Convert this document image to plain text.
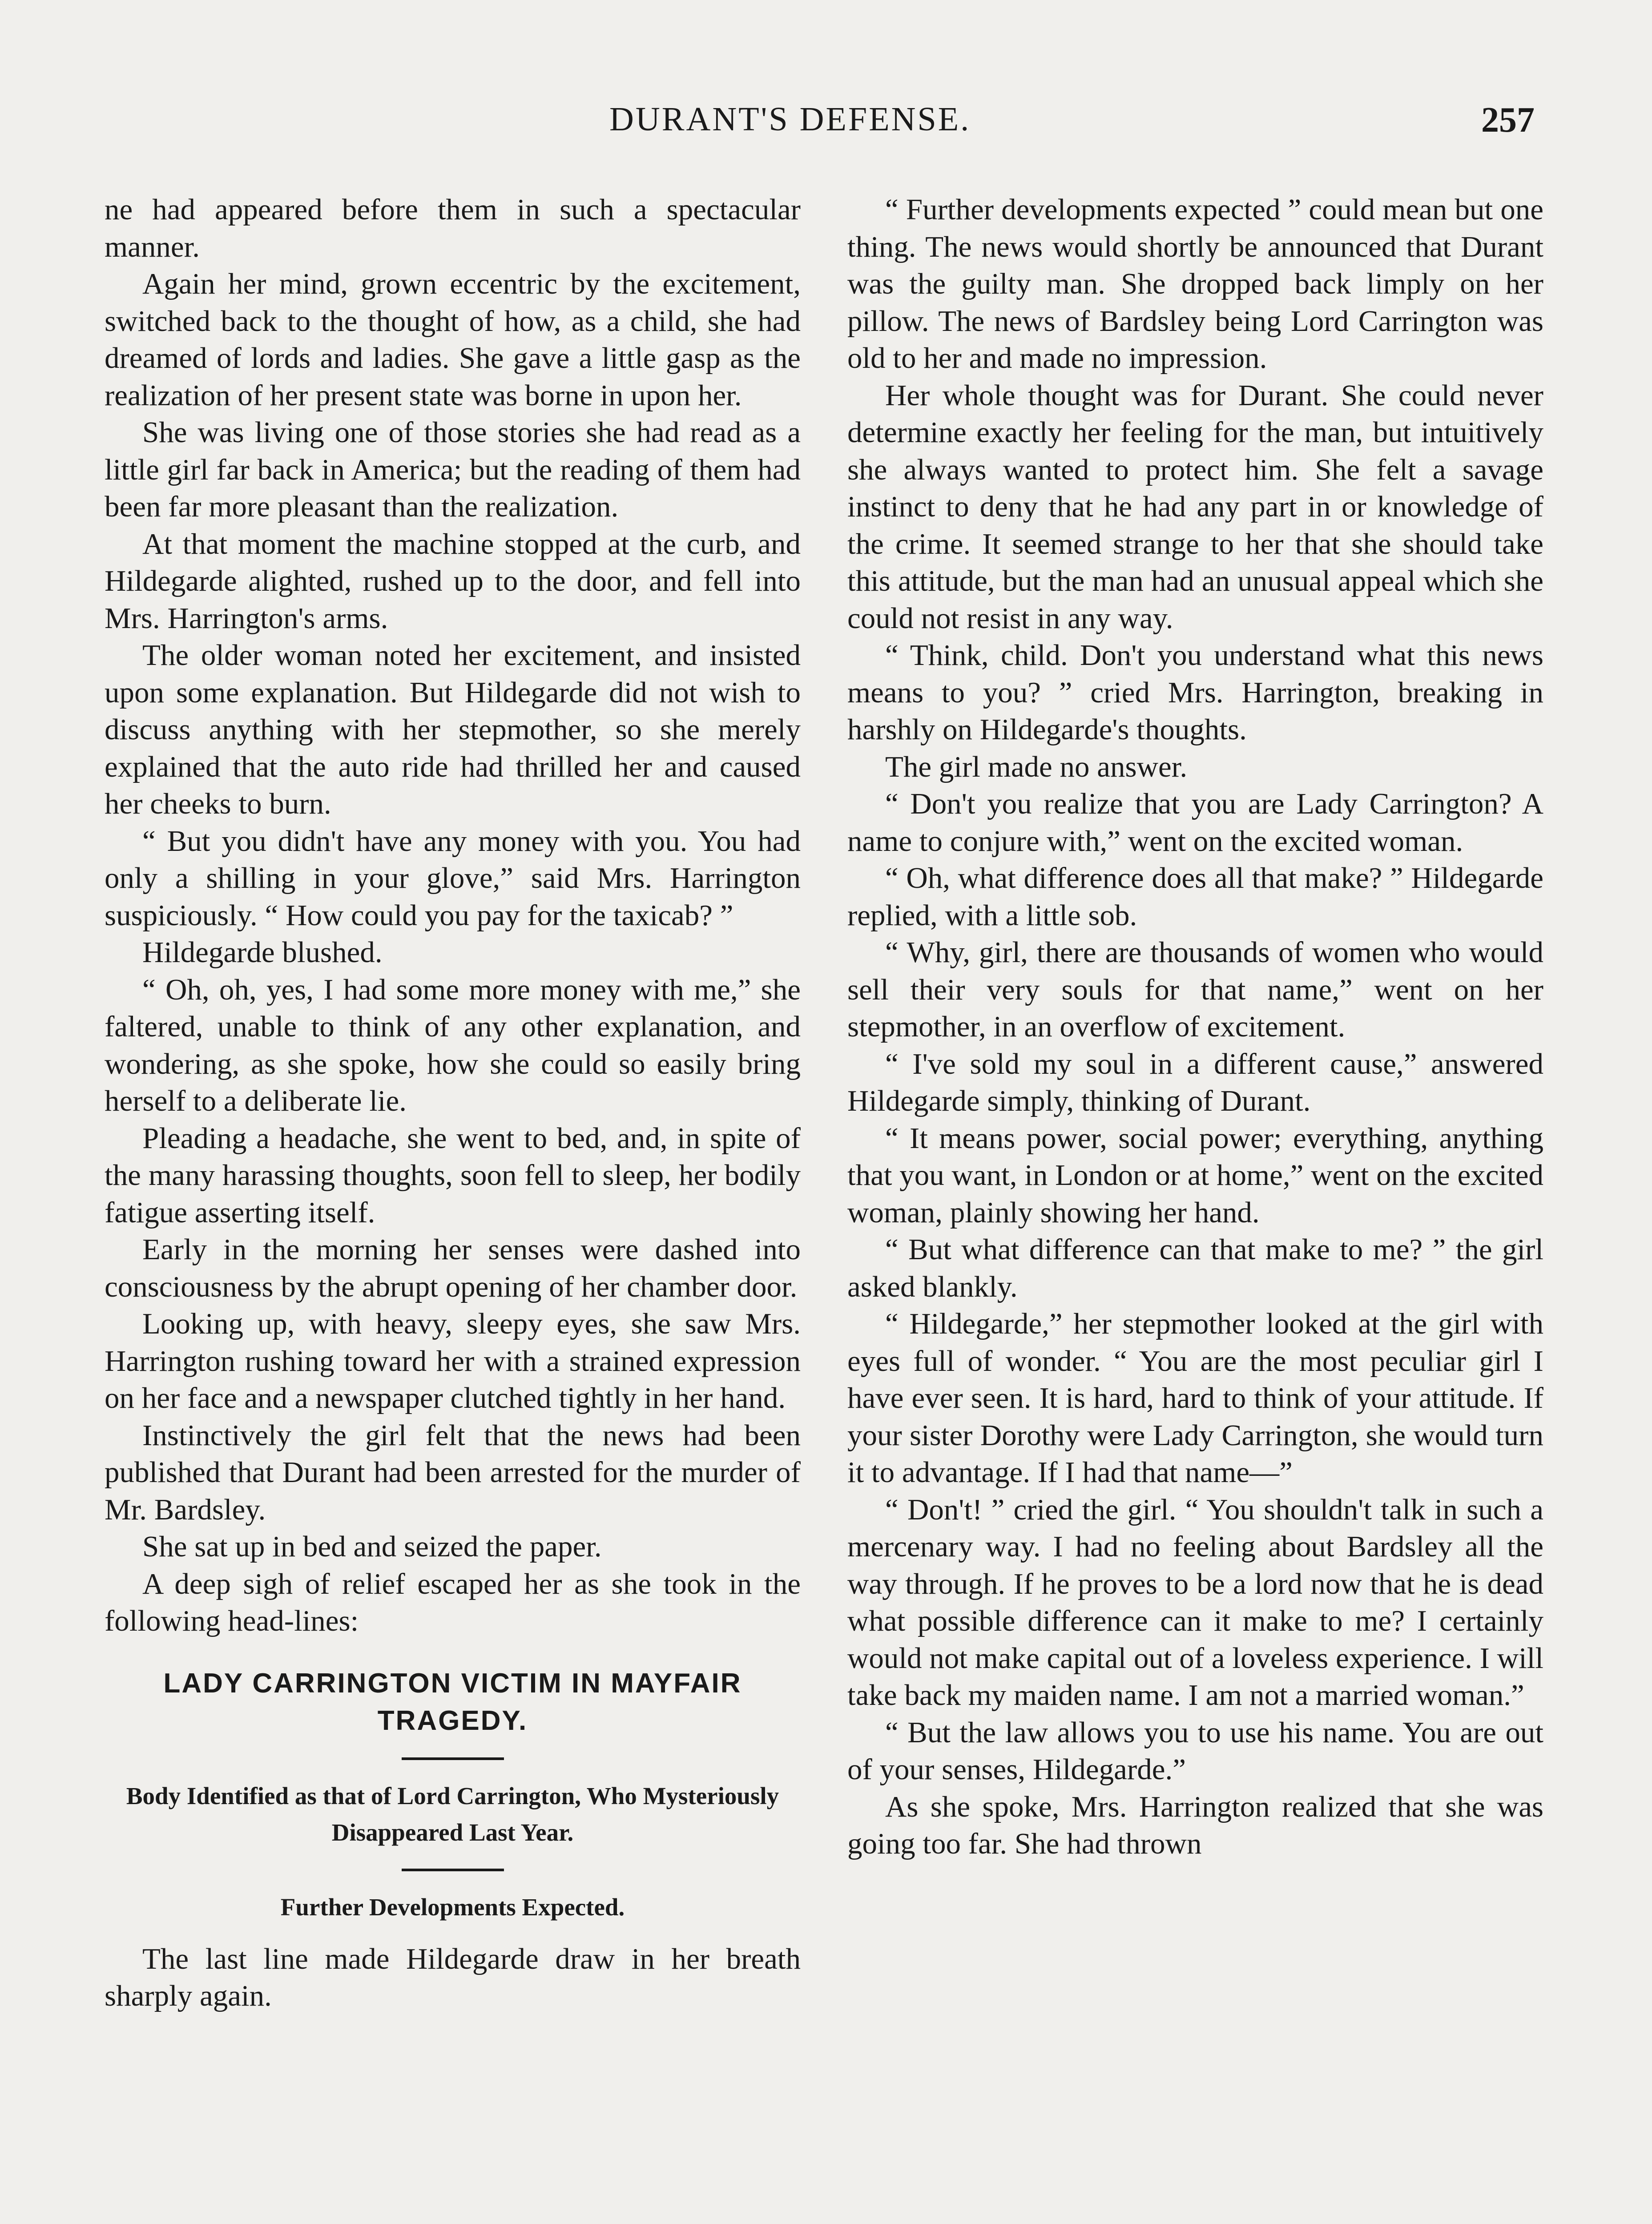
DURANT'S DEFENSE.	257

ne had appeared before them in such a spectacular manner.

Again her mind, grown eccentric by the excitement, switched back to the thought of how, as a child, she had dreamed of lords and ladies. She gave a little gasp as the realization of her present state was borne in upon her.

She was living one of those stories she had read as a little girl far back in America; but the reading of them had been far more pleasant than the realization.

At that moment the machine stopped at the curb, and Hildegarde alighted, rushed up to the door, and fell into Mrs. Harrington's arms.

The older woman noted her excitement, and insisted upon some explanation. But Hildegarde did not wish to discuss anything with her stepmother, so she merely explained that the auto ride had thrilled her and caused her cheeks to burn.

“ But you didn't have any money with you. You had only a shilling in your glove,” said Mrs. Harrington suspiciously. “ How could you pay for the taxicab? ”

Hildegarde blushed.

“ Oh, oh, yes, I had some more money with me,” she faltered, unable to think of any other explanation, and wondering, as she spoke, how she could so easily bring herself to a deliberate lie.

Pleading a headache, she went to bed, and, in spite of the many harassing thoughts, soon fell to sleep, her bodily fatigue asserting itself.

Early in the morning her senses were dashed into consciousness by the abrupt opening of her chamber door.

Looking up, with heavy, sleepy eyes, she saw Mrs. Harrington rushing toward her with a strained expression on her face and a newspaper clutched tightly in her hand.

Instinctively the girl felt that the news had been published that Durant had been arrested for the murder of Mr. Bardsley.

She sat up in bed and seized the paper.

A deep sigh of relief escaped her as she took in the following head-lines:

LADY CARRINGTON VICTIM IN MAYFAIR TRAGEDY.
Body Identified as that of Lord Carrington, Who Mysteriously Disappeared Last Year.
Further Developments Expected.

The last line made Hildegarde draw in her breath sharply again.

“ Further developments expected ” could mean but one thing. The news would shortly be announced that Durant was the guilty man. She dropped back limply on her pillow. The news of Bardsley being Lord Carrington was old to her and made no impression.

Her whole thought was for Durant. She could never determine exactly her feeling for the man, but intuitively she always wanted to protect him. She felt a savage instinct to deny that he had any part in or knowledge of the crime. It seemed strange to her that she should take this attitude, but the man had an unusual appeal which she could not resist in any way.

“ Think, child. Don't you understand what this news means to you? ” cried Mrs. Harrington, breaking in harshly on Hildegarde's thoughts.

The girl made no answer.

“ Don't you realize that you are Lady Carrington? A name to conjure with,” went on the excited woman.

“ Oh, what difference does all that make? ” Hildegarde replied, with a little sob.

“ Why, girl, there are thousands of women who would sell their very souls for that name,” went on her stepmother, in an overflow of excitement.

“ I've sold my soul in a different cause,” answered Hildegarde simply, thinking of Durant.

“ It means power, social power; everything, anything that you want, in London or at home,” went on the excited woman, plainly showing her hand.

“ But what difference can that make to me? ” the girl asked blankly.

“ Hildegarde,” her stepmother looked at the girl with eyes full of wonder. “ You are the most peculiar girl I have ever seen. It is hard, hard to think of your attitude. If your sister Dorothy were Lady Carrington, she would turn it to advantage. If I had that name—”

“ Don't! ” cried the girl. “ You shouldn't talk in such a mercenary way. I had no feeling about Bardsley all the way through. If he proves to be a lord now that he is dead what possible difference can it make to me? I certainly would not make capital out of a loveless experience. I will take back my maiden name. I am not a married woman.”

“ But the law allows you to use his name. You are out of your senses, Hildegarde.”

As she spoke, Mrs. Harrington realized that she was going too far. She had thrown
